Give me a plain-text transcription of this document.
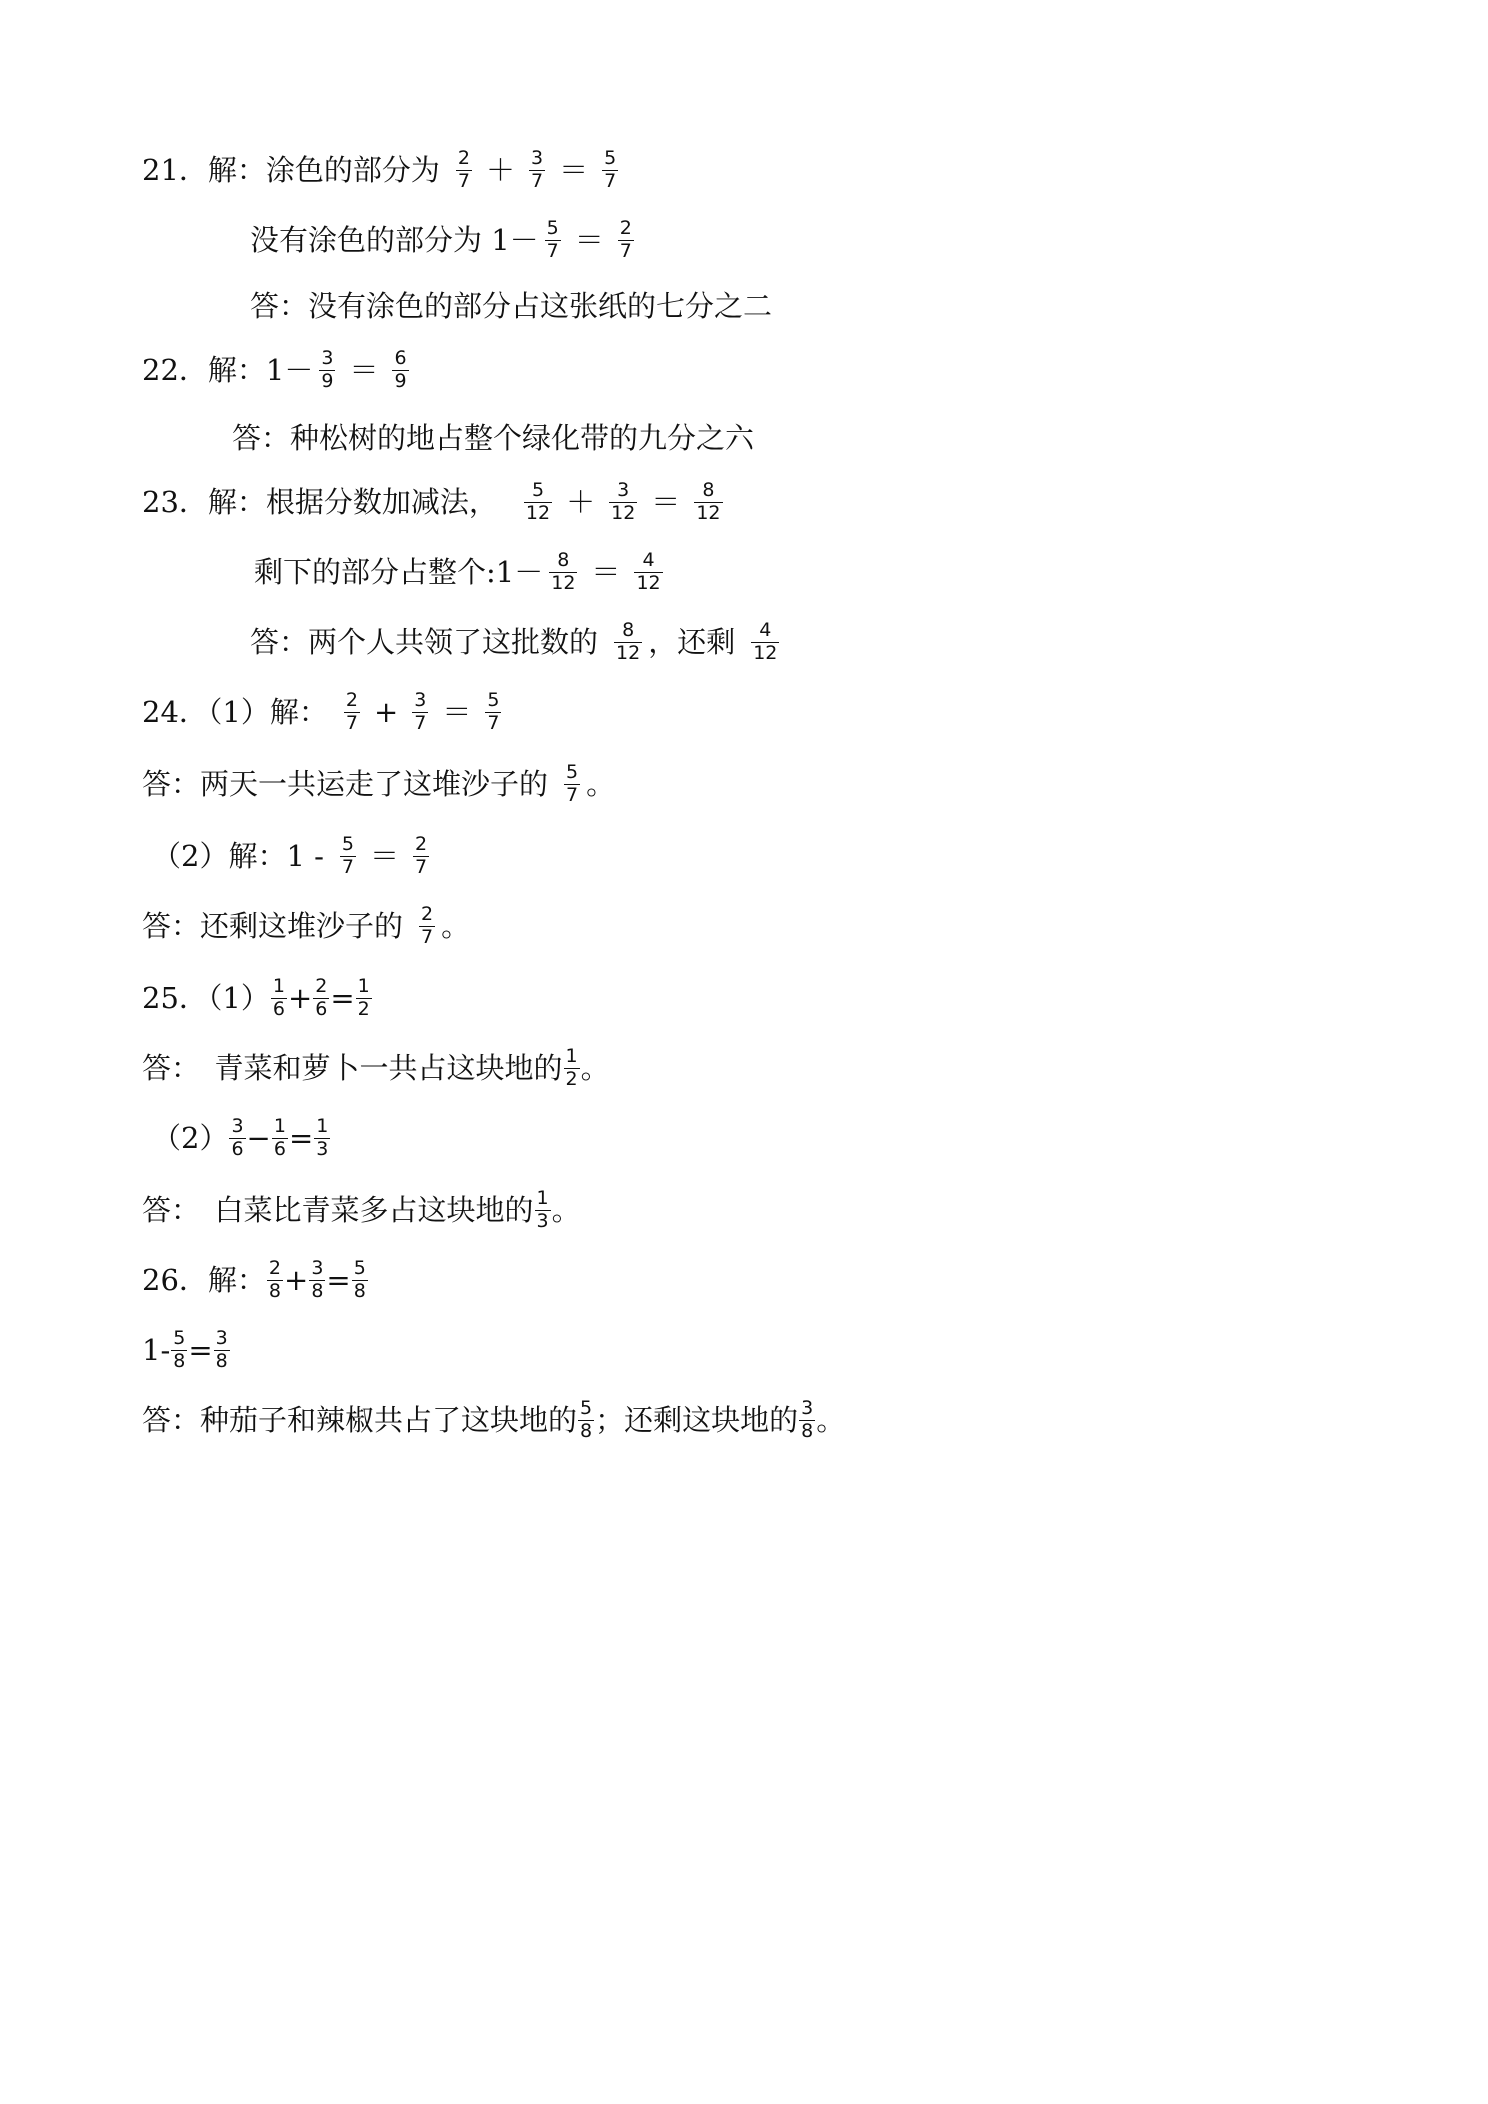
21．解：涂色的部分为 $\frac{2}{7} + \frac{3}{7} = \frac{5}{7}$
没有涂色的部分为 $1- \frac{5}{7} = \frac{2}{7}$
答：没有涂色的部分占这张纸的七分之二
22．解：$1- \frac{3}{9} = \frac{6}{9}$
答：种松树的地占整个绿化带的九分之六
23．解：根据分数加减法， $\frac{5}{12} + \frac{3}{12} = \frac{8}{12}$
剩下的部分占整个:1－ $\frac{8}{12} = \frac{4}{12}$
答：两个人共领了这批数的 $\frac{8}{12}$ ，还剩 $\frac{4}{12}$
24．（1）解： $\frac{2}{7} + \frac{3}{7} = \frac{5}{7}$
答：两天一共运走了这堆沙子的 $\frac{5}{7}$ 。
（2）解：$1 - \frac{5}{7} = \frac{2}{7}$
答：还剩这堆沙子的 $\frac{2}{7}$ 。
25．$(1) \frac{1}{6} + \frac{2}{6} = \frac{1}{2}$
答：　青菜和萝卜一共占这块地的 $\frac{1}{2}$ 。
$(2) \frac{3}{6} - \frac{1}{6} = \frac{1}{3}$
答：　白菜比青菜多占这块地的 $\frac{1}{3}$ 。
26．解： $\frac{2}{8} + \frac{3}{8} = \frac{5}{8}$
$1- \frac{5}{8} = \frac{3}{8}$
答：种茄子和辣椒共占了这块地的 $\frac{5}{8}$ ；还剩这块地的 $\frac{3}{8}$ 。
